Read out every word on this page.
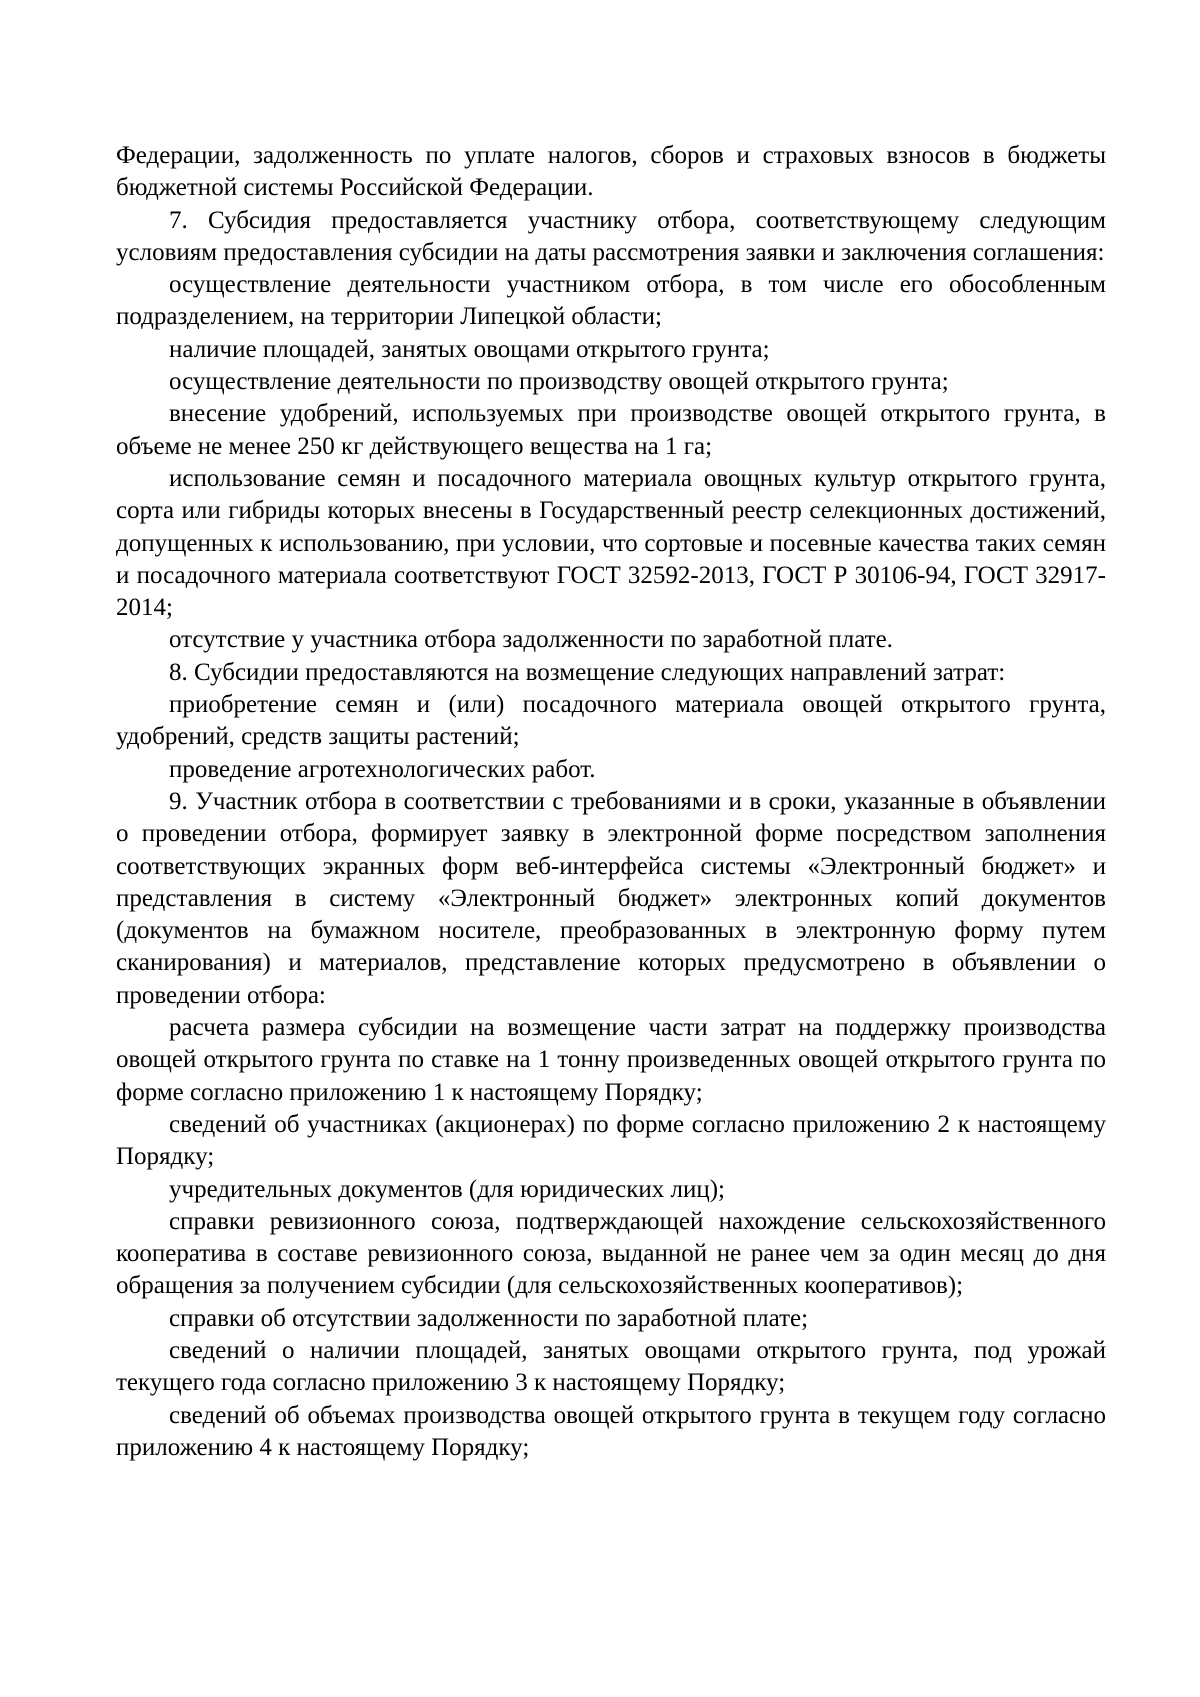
Федерации, задолженность по уплате налогов, сборов и страховых взносов в бюджеты бюджетной системы Российской Федерации.

7. Субсидия предоставляется участнику отбора, соответствующему следующим условиям предоставления субсидии на даты рассмотрения заявки и заключения соглашения:

осуществление деятельности участником отбора, в том числе его обособленным подразделением, на территории Липецкой области;

наличие площадей, занятых овощами открытого грунта;

осуществление деятельности по производству овощей открытого грунта;

внесение удобрений, используемых при производстве овощей открытого грунта, в объеме не менее 250 кг действующего вещества на 1 га;

использование семян и посадочного материала овощных культур открытого грунта, сорта или гибриды которых внесены в Государственный реестр селекционных достижений, допущенных к использованию, при условии, что сортовые и посевные качества таких семян и посадочного материала соответствуют ГОСТ 32592-2013, ГОСТ Р 30106-94, ГОСТ 32917-2014;

отсутствие у участника отбора задолженности по заработной плате.

8. Субсидии предоставляются на возмещение следующих направлений затрат:

приобретение семян и (или) посадочного материала овощей открытого грунта, удобрений, средств защиты растений;

проведение агротехнологических работ.

9. Участник отбора в соответствии с требованиями и в сроки, указанные в объявлении о проведении отбора, формирует заявку в электронной форме посредством заполнения соответствующих экранных форм веб-интерфейса системы «Электронный бюджет» и представления в систему «Электронный бюджет» электронных копий документов (документов на бумажном носителе, преобразованных в электронную форму путем сканирования) и материалов, представление которых предусмотрено в объявлении о проведении отбора:

расчета размера субсидии на возмещение части затрат на поддержку производства овощей открытого грунта по ставке на 1 тонну произведенных овощей открытого грунта по форме согласно приложению 1 к настоящему Порядку;

сведений об участниках (акционерах) по форме согласно приложению 2 к настоящему Порядку;

учредительных документов (для юридических лиц);

справки ревизионного союза, подтверждающей нахождение сельскохозяйственного кооператива в составе ревизионного союза, выданной не ранее чем за один месяц до дня обращения за получением субсидии (для сельскохозяйственных кооперативов);

справки об отсутствии задолженности по заработной плате;

сведений о наличии площадей, занятых овощами открытого грунта, под урожай текущего года согласно приложению 3 к настоящему Порядку;

сведений об объемах производства овощей открытого грунта в текущем году согласно приложению 4 к настоящему Порядку;
